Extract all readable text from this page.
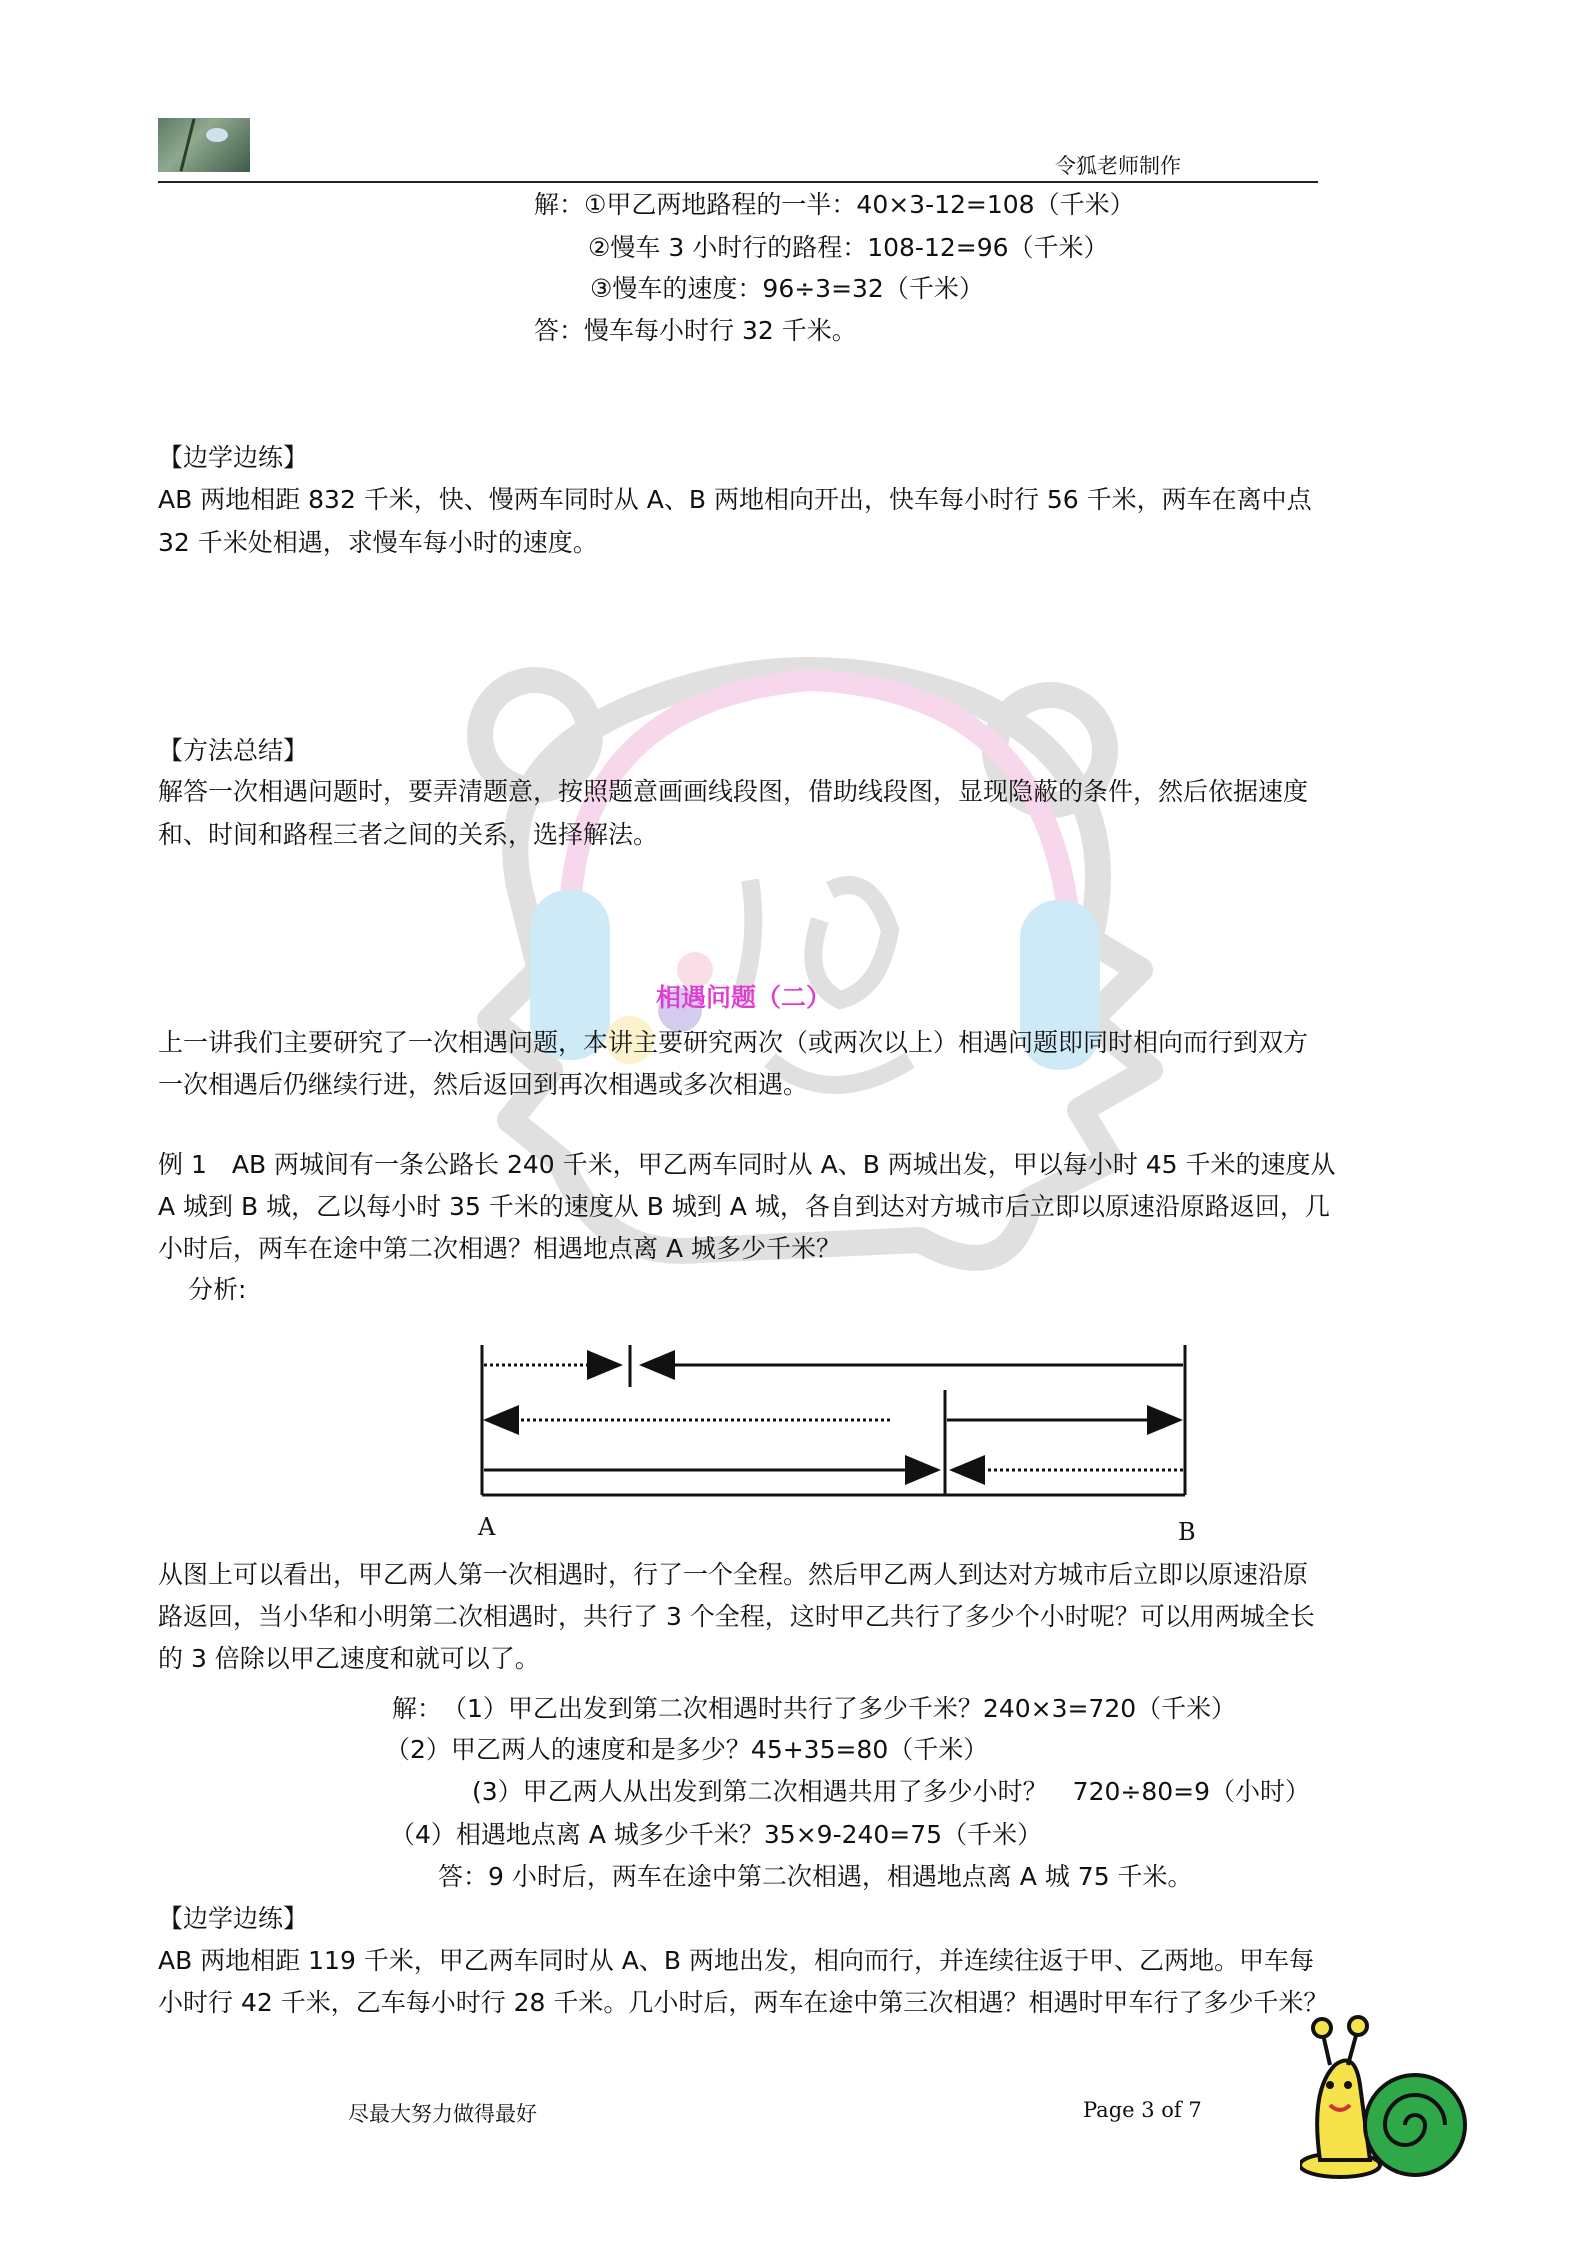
令狐老师制作
解：①甲乙两地路程的一半：40×3-12=108（千米）
②慢车 3 小时行的路程：108-12=96（千米）
③慢车的速度：96÷3=32（千米）
答：慢车每小时行 32 千米。
【边学边练】
AB 两地相距 832 千米，快、慢两车同时从 A、B 两地相向开出，快车每小时行 56 千米，两车在离中点
32 千米处相遇，求慢车每小时的速度。
【方法总结】
解答一次相遇问题时，要弄清题意，按照题意画画线段图，借助线段图，显现隐蔽的条件，然后依据速度
和、时间和路程三者之间的关系，选择解法。
相遇问题（二）
上一讲我们主要研究了一次相遇问题，本讲主要研究两次（或两次以上）相遇问题即同时相向而行到双方
一次相遇后仍继续行进，然后返回到再次相遇或多次相遇。
例 1　AB 两城间有一条公路长 240 千米，甲乙两车同时从 A、B 两城出发，甲以每小时 45 千米的速度从
A 城到 B 城，乙以每小时 35 千米的速度从 B 城到 A 城，各自到达对方城市后立即以原速沿原路返回，几
小时后，两车在途中第二次相遇？相遇地点离 A 城多少千米？
分析:
A	B
从图上可以看出，甲乙两人第一次相遇时，行了一个全程。然后甲乙两人到达对方城市后立即以原速沿原
路返回，当小华和小明第二次相遇时，共行了 3 个全程，这时甲乙共行了多少个小时呢？可以用两城全长
的 3 倍除以甲乙速度和就可以了。
解：　（1）甲乙出发到第二次相遇时共行了多少千米？240×3=720（千米）
（2）甲乙两人的速度和是多少？45+35=80（千米）
(3）甲乙两人从出发到第二次相遇共用了多少小时？　720÷80=9（小时）
（4）相遇地点离 A 城多少千米？35×9-240=75（千米）
答：9 小时后，两车在途中第二次相遇，相遇地点离 A 城 75 千米。
【边学边练】
AB 两地相距 119 千米，甲乙两车同时从 A、B 两地出发，相向而行，并连续往返于甲、乙两地。甲车每
小时行 42 千米，乙车每小时行 28 千米。几小时后，两车在途中第三次相遇？相遇时甲车行了多少千米？
尽最大努力做得最好	Page 3 of 7
